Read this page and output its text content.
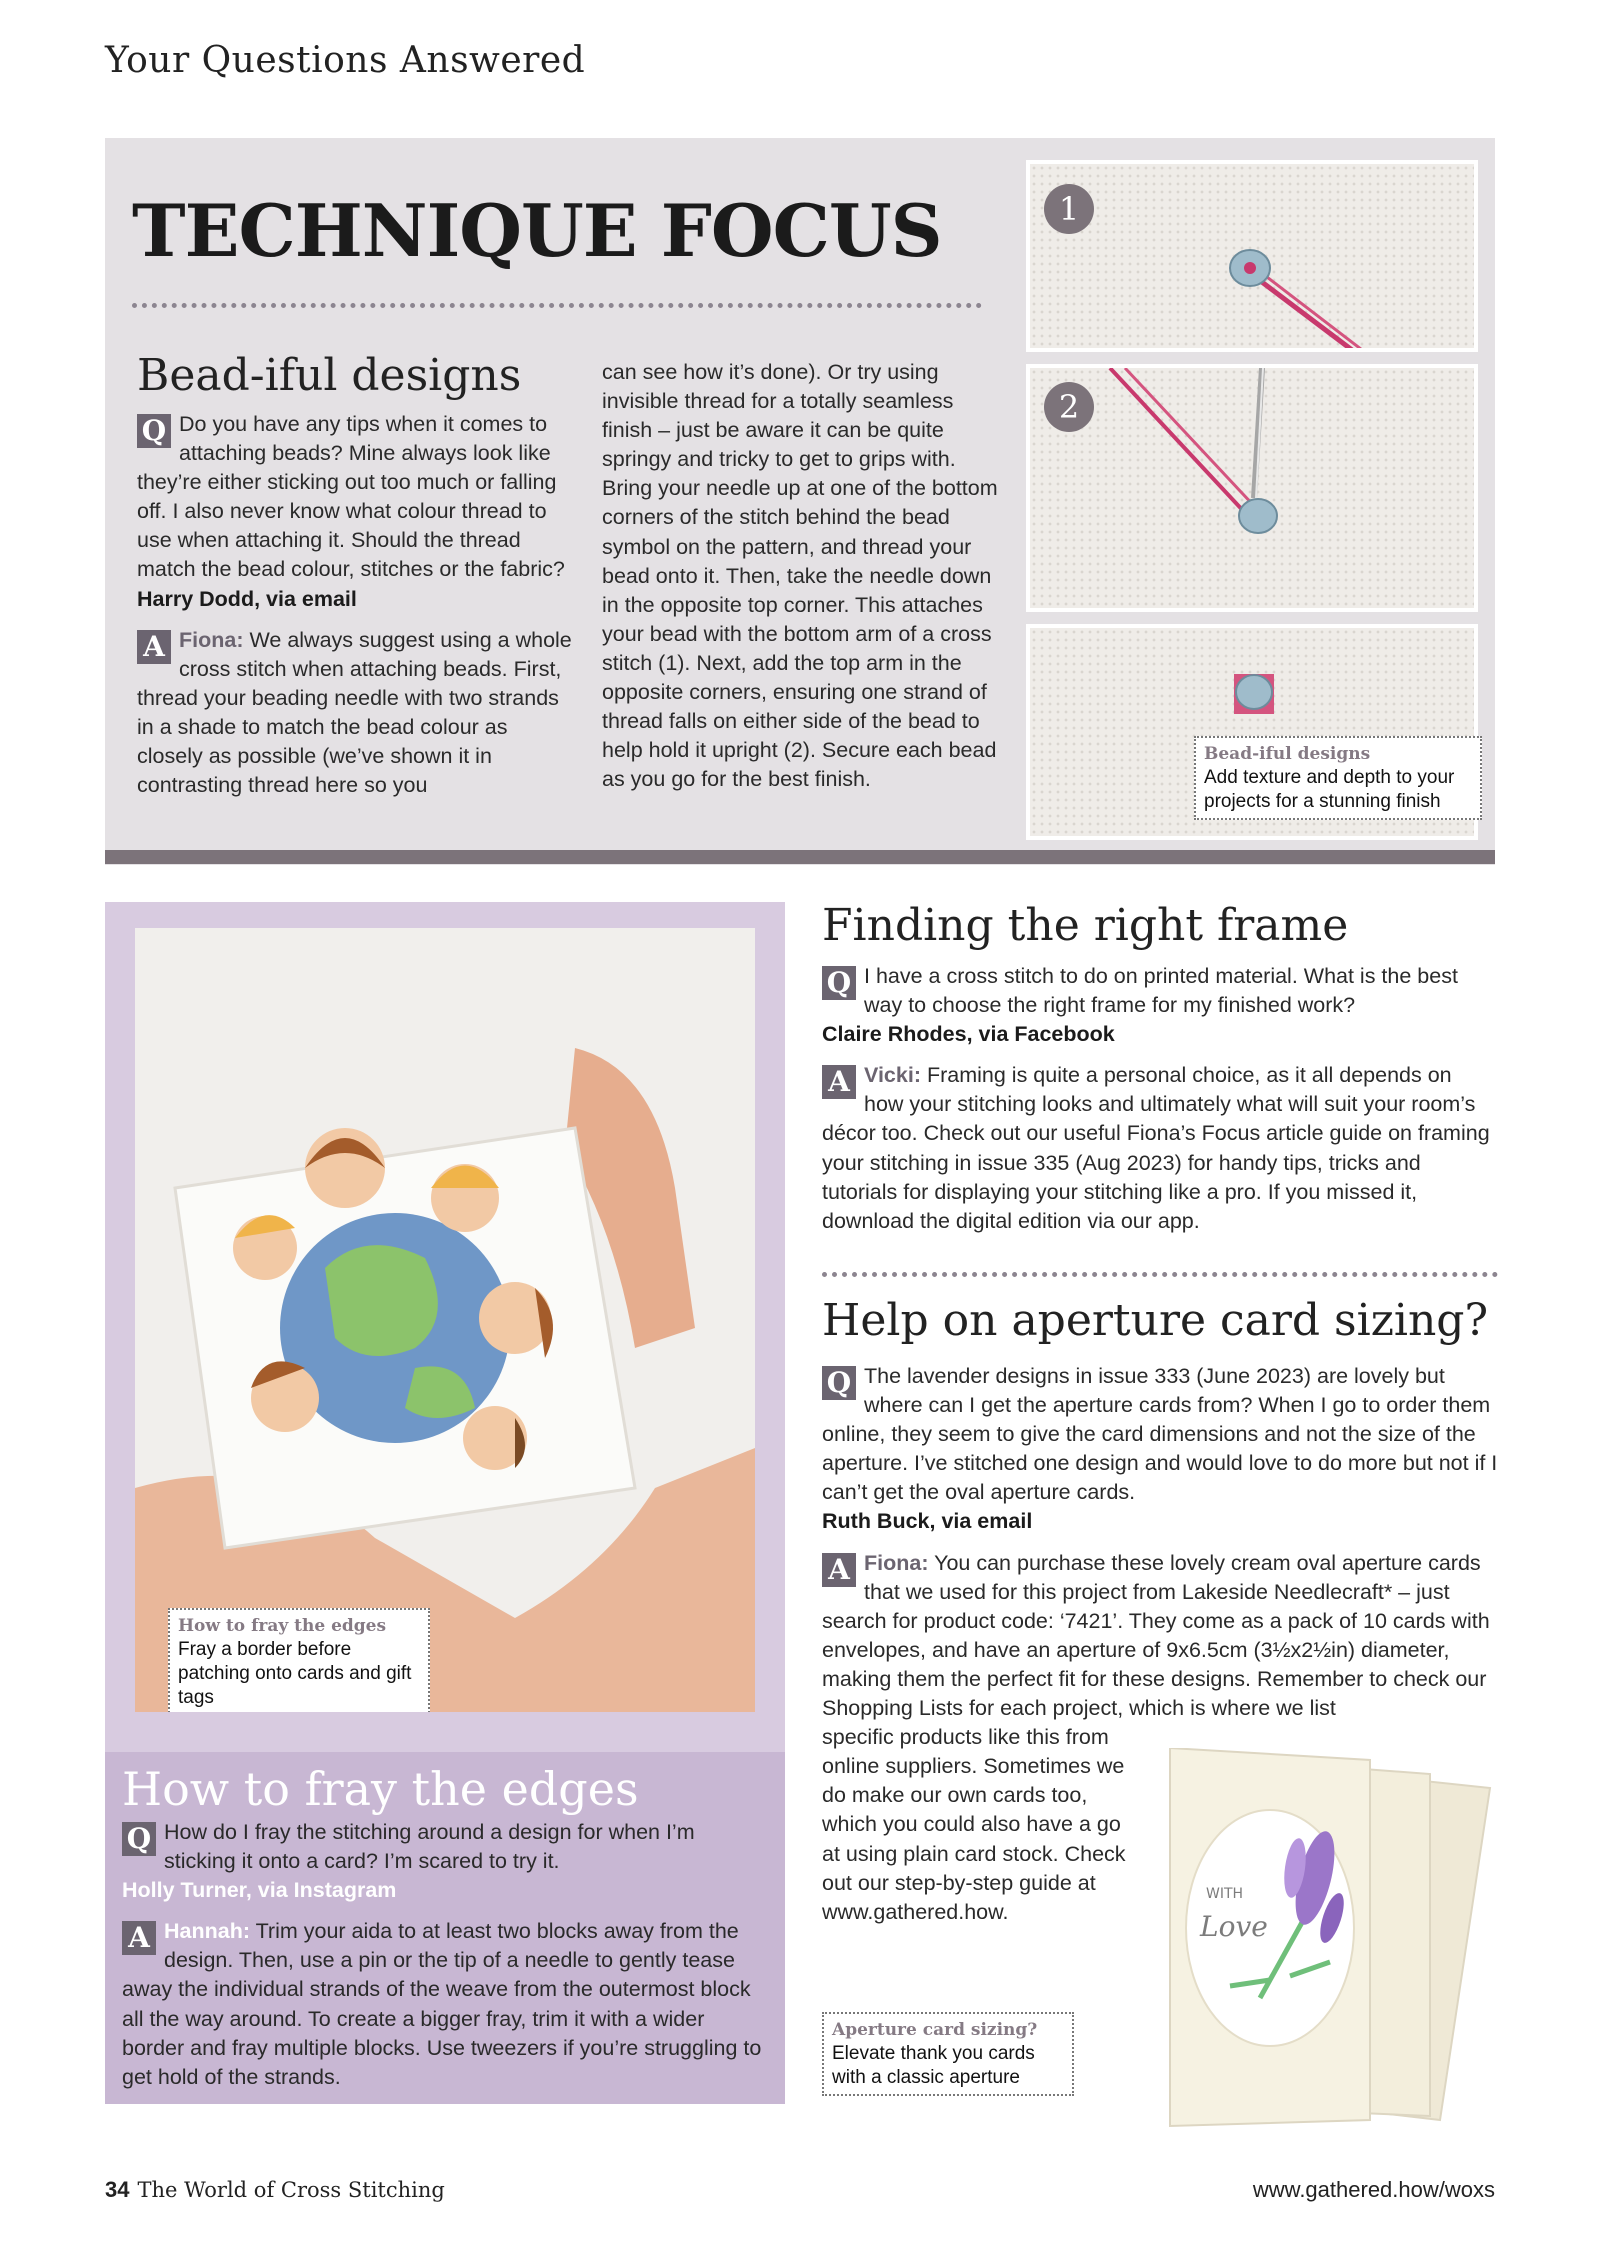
Your Questions Answered
TECHNIQUE FOCUS
Bead-iful designs
Q Do you have any tips when it comes to attaching beads? Mine always look like they’re either sticking out too much or falling off. I also never know what colour thread to use when attaching it. Should the thread match the bead colour, stitches or the fabric?
Harry Dodd, via email
A Fiona: We always suggest using a whole cross stitch when attaching beads. First, thread your beading needle with two strands in a shade to match the bead colour as closely as possible (we’ve shown it in contrasting thread here so you
can see how it’s done). Or try using invisible thread for a totally seamless finish – just be aware it can be quite springy and tricky to get to grips with. Bring your needle up at one of the bottom corners of the stitch behind the bead symbol on the pattern, and thread your bead onto it. Then, take the needle down in the opposite top corner. This attaches your bead with the bottom arm of a cross stitch (1). Next, add the top arm in the opposite corners, ensuring one strand of thread falls on either side of the bead to help hold it upright (2). Secure each bead as you go for the best finish.
1
2
Bead-iful designs
Add texture and depth to your projects for a stunning finish
How to fray the edges
Fray a border before patching onto cards and gift tags
How to fray the edges
Q How do I fray the stitching around a design for when I’m sticking it onto a card? I’m scared to try it.
Holly Turner, via Instagram
A Hannah: Trim your aida to at least two blocks away from the design. Then, use a pin or the tip of a needle to gently tease away the individual strands of the weave from the outermost block all the way around. To create a bigger fray, trim it with a wider border and fray multiple blocks. Use tweezers if you’re struggling to get hold of the strands.
Finding the right frame
Q I have a cross stitch to do on printed material. What is the best way to choose the right frame for my finished work?
Claire Rhodes, via Facebook
A Vicki: Framing is quite a personal choice, as it all depends on how your stitching looks and ultimately what will suit your room’s décor too. Check out our useful Fiona’s Focus article guide on framing your stitching in issue 335 (Aug 2023) for handy tips, tricks and tutorials for displaying your stitching like a pro. If you missed it, download the digital edition via our app.
Help on aperture card sizing?
Q The lavender designs in issue 333 (June 2023) are lovely but where can I get the aperture cards from? When I go to order them online, they seem to give the card dimensions and not the size of the aperture. I’ve stitched one design and would love to do more but not if I can’t get the oval aperture cards.
Ruth Buck, via email
A Fiona: You can purchase these lovely cream oval aperture cards that we used for this project from Lakeside Needlecraft* – just search for product code: ‘7421’. They come as a pack of 10 cards with envelopes, and have an aperture of 9x6.5cm (3½x2½in) diameter, making them the perfect fit for these designs. Remember to check our Shopping Lists for each project, which is where we list
specific products like this from online suppliers. Sometimes we do make our own cards too, which you could also have a go at using plain card stock. Check out our step-by-step guide at www.gathered.how.
WITH
Love
Aperture card sizing?
Elevate thank you cards with a classic aperture
34 The World of Cross Stitching	www.gathered.how/woxs
